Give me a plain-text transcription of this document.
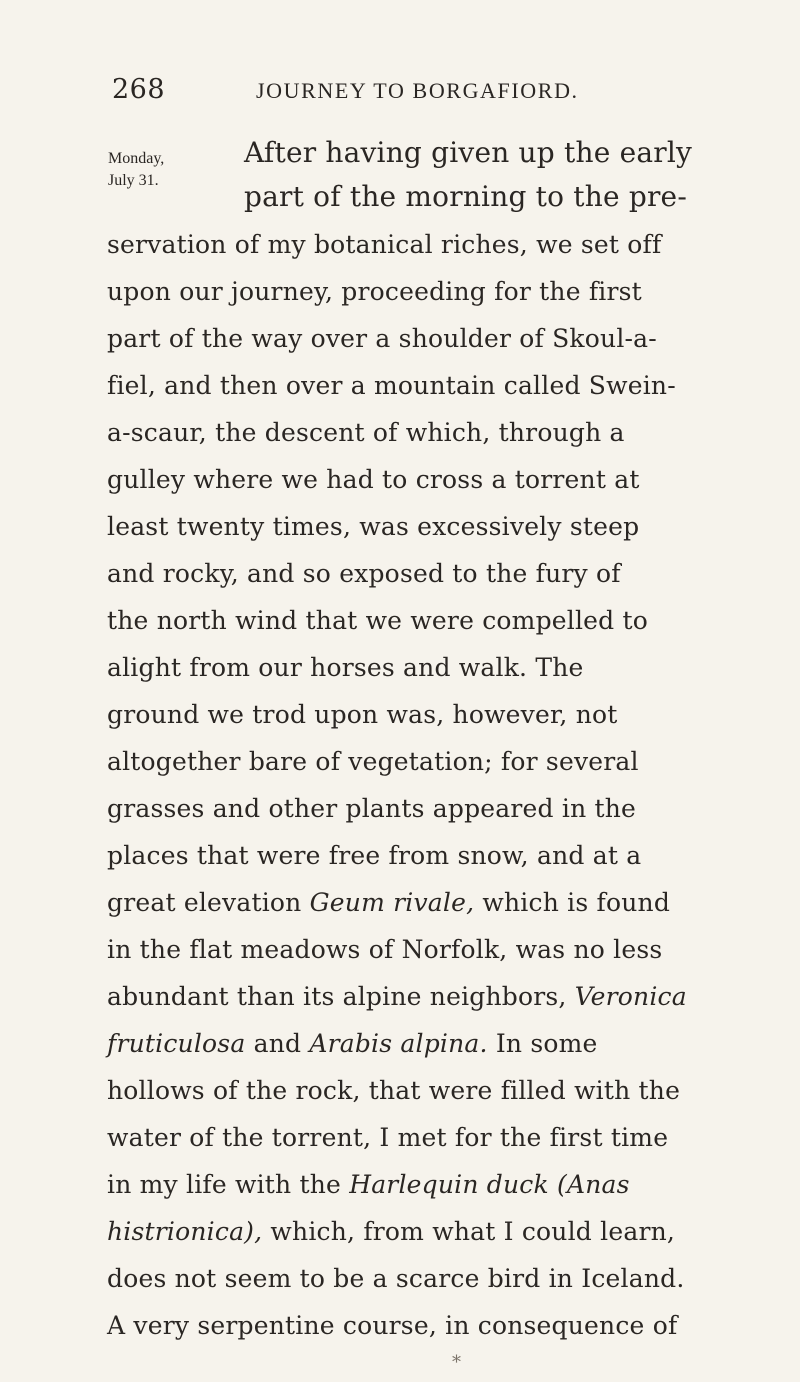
268	JOURNEY TO BORGAFIORD.
Monday,
July 31.
After having given up the early
part of the morning to the pre-
servation of my botanical riches, we set off
upon our journey, proceeding for the first
part of the way over a shoulder of Skoul-a-
fiel, and then over a mountain called Swein-
a-scaur, the descent of which, through a
gulley where we had to cross a torrent at
least twenty times, was excessively steep
and rocky, and so exposed to the fury of
the north wind that we were compelled to
alight from our horses and walk. The
ground we trod upon was, however, not
altogether bare of vegetation; for several
grasses and other plants appeared in the
places that were free from snow, and at a
great elevation Geum rivale, which is found
in the flat meadows of Norfolk, was no less
abundant than its alpine neighbors, Veronica
fruticulosa and Arabis alpina. In some
hollows of the rock, that were filled with the
water of the torrent, I met for the first time
in my life with the Harlequin duck (Anas
histrionica), which, from what I could learn,
does not seem to be a scarce bird in Iceland.
A very serpentine course, in consequence of
*
